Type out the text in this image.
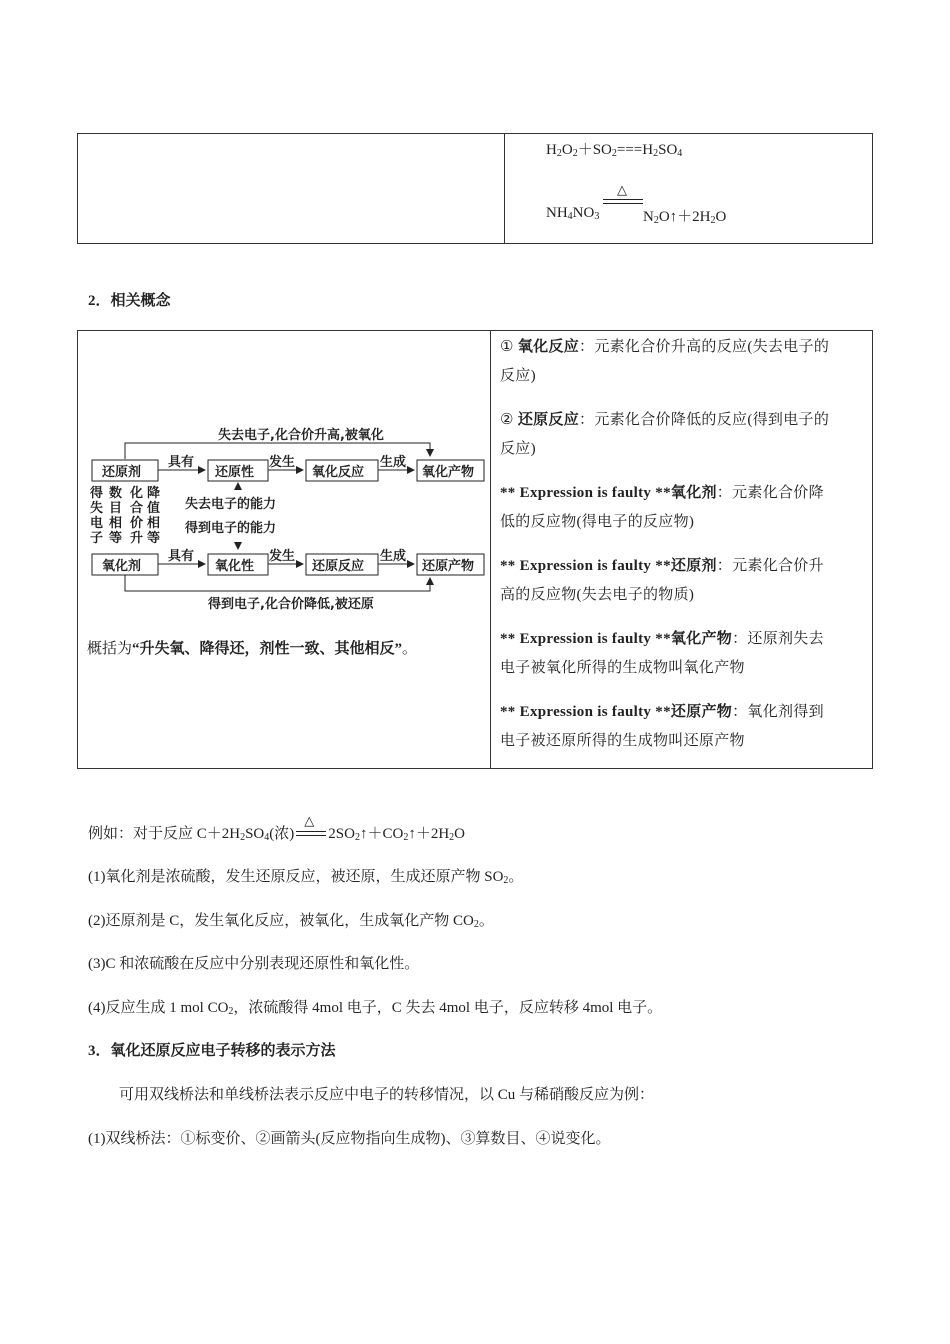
$H_2O_2+SO_2===H_2SO_4$
△
$NH_4NO_3$	$N_2O↑+2H_2O$
2．相关概念
失去电子,化合价升高,被氧化
还原剂
具有
还原性
发生
氧化反应
生成
氧化产物
得
失
电
子
数
目
相
等
化
合
价
升
降
值
相
等
失去电子的能力
得到电子的能力
氧化剂
具有
氧化性
发生
还原反应
生成
还原产物
得到电子,化合价降低,被还原
概括为“升失氧、降得还，剂性一致、其他相反”。

① 氧化反应：元素化合价升高的反应(失去电子的

反应)

② 还原反应：元素化合价降低的反应(得到电子的

反应)

** Expression is faulty **氧化剂：元素化合价降

低的反应物(得电子的反应物)

** Expression is faulty **还原剂：元素化合价升

高的反应物(失去电子的物质)

** Expression is faulty **氧化产物：还原剂失去

电子被氧化所得的生成物叫氧化产物

** Expression is faulty **还原产物：氧化剂得到

电子被还原所得的生成物叫还原产物

例如：对于反应 $C+2H_2SO_4$(浓)
△
$2SO_2↑+CO_2↑+2H_2O$
(1)氧化剂是浓硫酸，发生还原反应，被还原，生成还原产物 $SO_2$。
(2)还原剂是 C，发生氧化反应，被氧化，生成氧化产物 $CO_2$。
(3)C 和浓硫酸在反应中分别表现还原性和氧化性。
(4)反应生成 1 mol $CO_2$，浓硫酸得 4mol 电子，C 失去 4mol 电子，反应转移 4mol 电子。
3．氧化还原反应电子转移的表示方法
可用双线桥法和单线桥法表示反应中电子的转移情况，以 Cu 与稀硝酸反应为例：
(1)双线桥法：①标变价、②画箭头(反应物指向生成物)、③算数目、④说变化。
